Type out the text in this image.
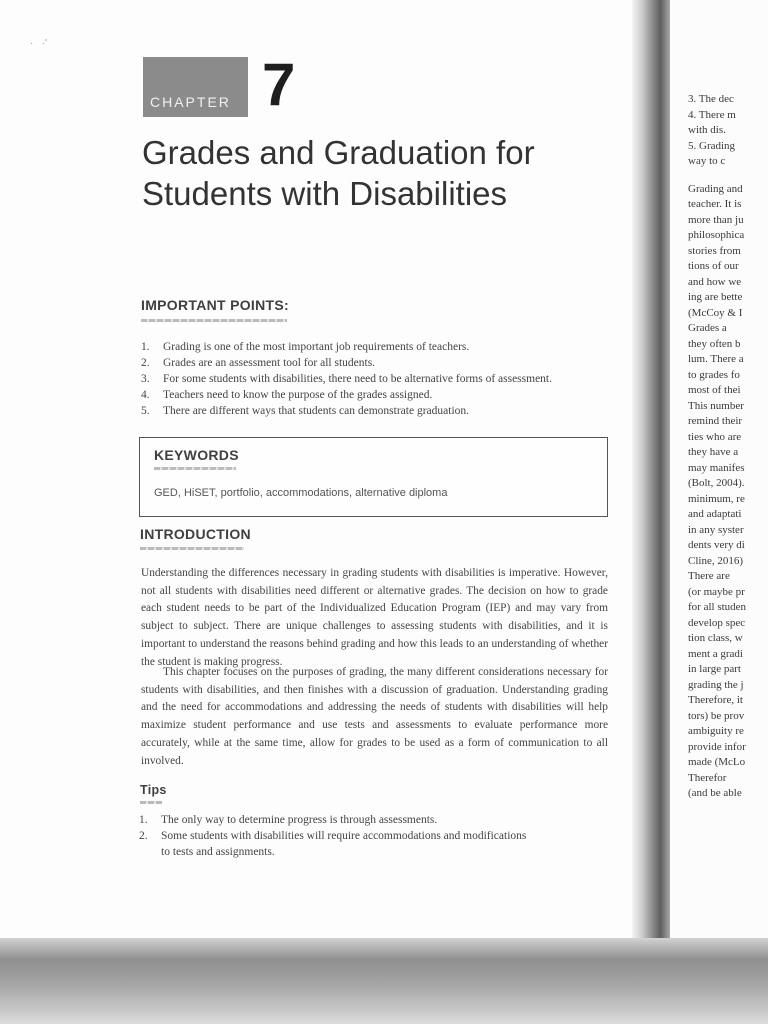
·   ·'
CHAPTER 7
Grades and Graduation for
Students with Disabilities
IMPORTANT POINTS:
1. Grading is one of the most important job requirements of teachers.
2. Grades are an assessment tool for all students.
3. For some students with disabilities, there need to be alternative forms of assessment.
4. Teachers need to know the purpose of the grades assigned.
5. There are different ways that students can demonstrate graduation.
KEYWORDS
GED, HiSET, portfolio, accommodations, alternative diploma
INTRODUCTION

Understanding the differences necessary in grading students with disabilities is imperative. However, not all students with disabilities need different or alternative grades. The decision on how to grade each student needs to be part of the Individualized Education Program (IEP) and may vary from subject to subject. There are unique challenges to assessing students with disabilities, and it is important to understand the reasons behind grading and how this leads to an understanding of whether the student is making progress.

This chapter focuses on the purposes of grading, the many different considerations necessary for students with disabilities, and then finishes with a discussion of graduation. Understanding grading and the need for accommodations and addressing the needs of students with disabilities will help maximize student performance and use tests and assessments to evaluate performance more accurately, while at the same time, allow for grades to be used as a form of communication to all involved.

Tips
1. The only way to determine progress is through assessments.
2. Some students with disabilities will require accommodations and modifications
to tests and assignments.
3. The dec
4. There m
with dis.
5. Grading
way to c
Grading and
teacher. It is
more than ju
philosophica
stories from
tions of our
and how we
ing are bette
(McCoy & I
Grades a
they often b
lum. There a
to grades fo
most of thei
This number
remind their
ties who are
they have a
may manifes
(Bolt, 2004).
minimum, re
and adaptati
in any syster
dents very di
Cline, 2016)
There are
(or maybe pr
for all studen
develop spec
tion class, w
ment a gradi
in large part
grading the j
Therefore, it
tors) be prov
ambiguity re
provide infor
made (McLo
Therefor
(and be able
